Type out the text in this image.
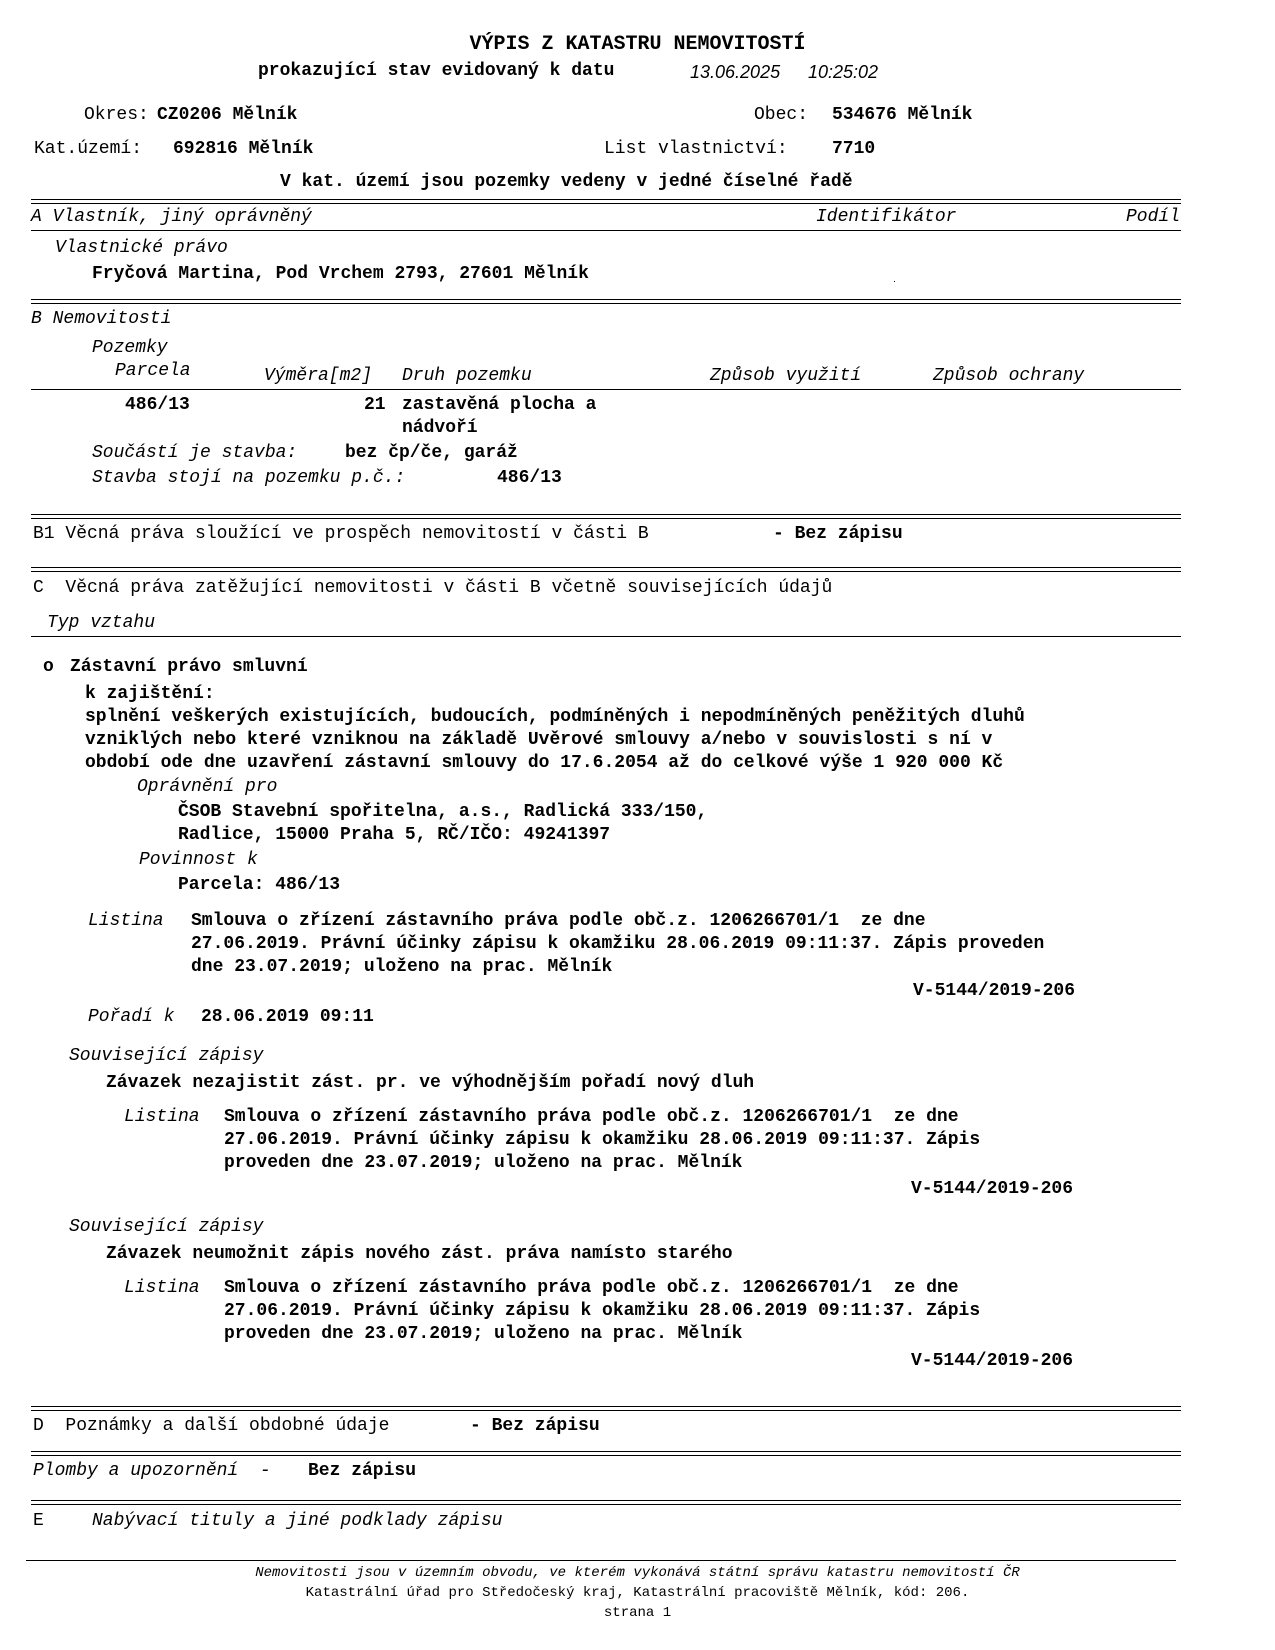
VÝPIS Z KATASTRU NEMOVITOSTÍ
prokazující stav evidovaný k datu	13.06.2025 10:25:02
Okres: CZ0206 Mělník	Obec: 534676 Mělník
Kat.území: 692816 Mělník	List vlastnictví: 7710
V kat. území jsou pozemky vedeny v jedné číselné řadě
A Vlastník, jiný oprávněný	Identifikátor	Podíl
Vlastnické právo
Fryčová Martina, Pod Vrchem 2793, 27601 Mělník
B Nemovitosti
Pozemky
Parcela	Výměra[m2] Druh pozemku	Způsob využití	Způsob ochrany
486/13	21 zastavěná plocha a
nádvoří
Součástí je stavba:	bez čp/če, garáž
Stavba stojí na pozemku p.č.:	486/13
B1 Věcná práva sloužící ve prospěch nemovitostí v části B	- Bez zápisu
C  Věcná práva zatěžující nemovitosti v části B včetně souvisejících údajů
Typ vztahu
o Zástavní právo smluvní
k zajištění:
splnění veškerých existujících, budoucích, podmíněných i nepodmíněných peněžitých dluhů
vzniklých nebo které vzniknou na základě Uvěrové smlouvy a/nebo v souvislosti s ní v
období ode dne uzavření zástavní smlouvy do 17.6.2054 až do celkové výše 1 920 000 Kč
Oprávnění pro
ČSOB Stavební spořitelna, a.s., Radlická 333/150,
Radlice, 15000 Praha 5, RČ/IČO: 49241397
Povinnost k
Parcela: 486/13
Listina Smlouva o zřízení zástavního práva podle obč.z. 1206266701/1  ze dne
27.06.2019. Právní účinky zápisu k okamžiku 28.06.2019 09:11:37. Zápis proveden
dne 23.07.2019; uloženo na prac. Mělník
V-5144/2019-206
Pořadí k 28.06.2019 09:11
Související zápisy
Závazek nezajistit zást. pr. ve výhodnějším pořadí nový dluh
Listina Smlouva o zřízení zástavního práva podle obč.z. 1206266701/1  ze dne
27.06.2019. Právní účinky zápisu k okamžiku 28.06.2019 09:11:37. Zápis
proveden dne 23.07.2019; uloženo na prac. Mělník
V-5144/2019-206
Související zápisy
Závazek neumožnit zápis nového zást. práva namísto starého
Listina Smlouva o zřízení zástavního práva podle obč.z. 1206266701/1  ze dne
27.06.2019. Právní účinky zápisu k okamžiku 28.06.2019 09:11:37. Zápis
proveden dne 23.07.2019; uloženo na prac. Mělník
V-5144/2019-206
D  Poznámky a další obdobné údaje	- Bez zápisu
Plomby a upozornění  - Bez zápisu
E	Nabývací tituly a jiné podklady zápisu
Nemovitosti jsou v územním obvodu, ve kterém vykonává státní správu katastru nemovitostí ČR
Katastrální úřad pro Středočeský kraj, Katastrální pracoviště Mělník, kód: 206.
strana 1
